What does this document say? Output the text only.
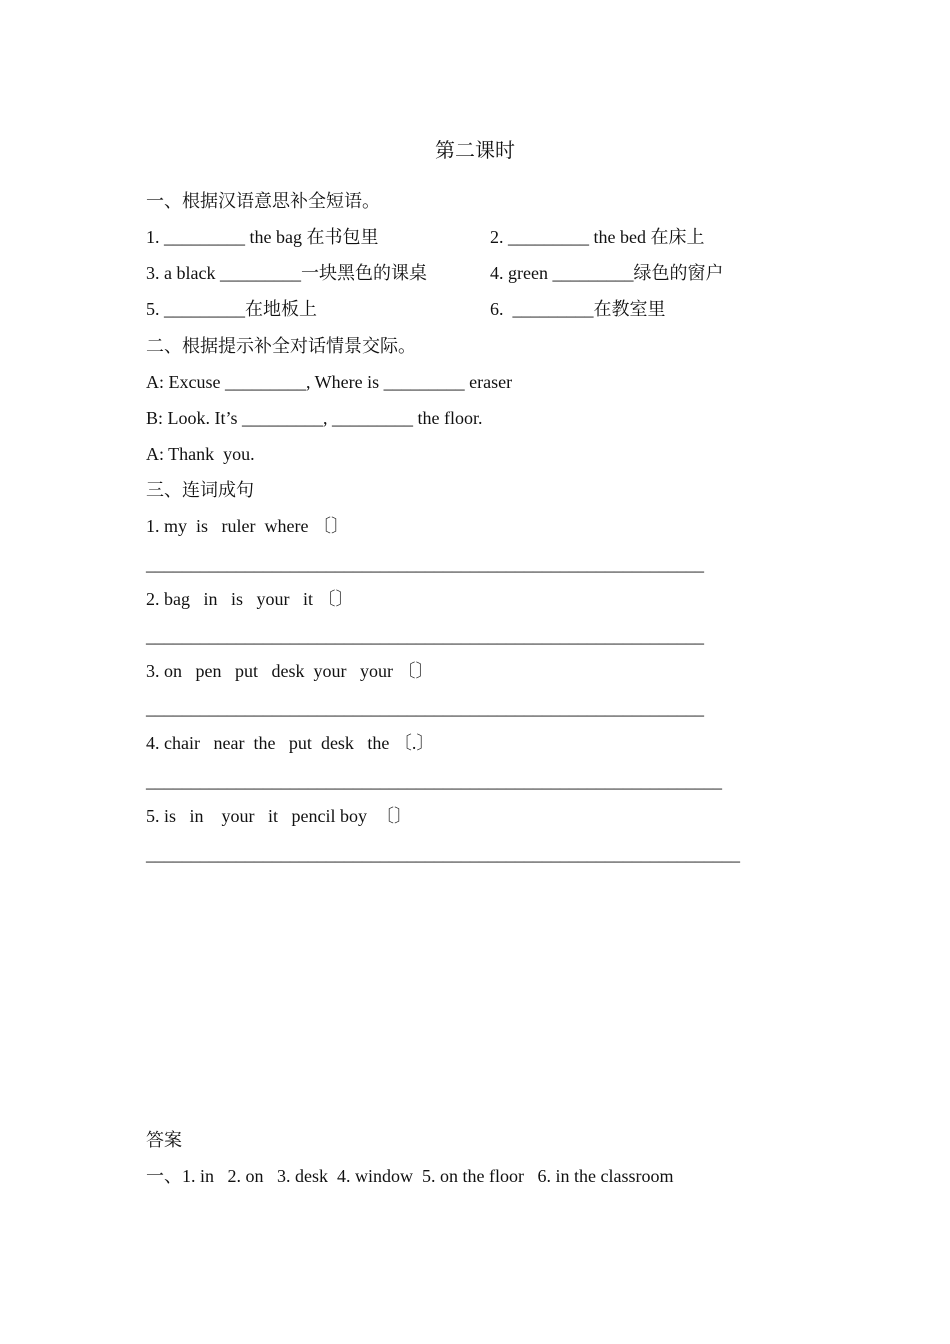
第二课时
一、根据汉语意思补全短语。
1. _________ the bag 在书包里	2. _________ the bed 在床上
3. a black _________一块黑色的课桌	4. green _________绿色的窗户
5. _________在地板上	6.  _________在教室里
二、根据提示补全对话情景交际。
A: Excuse _________, Where is _________ eraser
B: Look. It’s _________, _________ the floor.
A: Thank  you.
三、连词成句
1. my  is   ruler  where 〔〕
______________________________________________________________
2. bag   in   is   your   it 〔〕
______________________________________________________________
3. on   pen   put   desk  your   your 〔〕
______________________________________________________________
4. chair   near  the   put  desk   the 〔.〕
________________________________________________________________
5. is   in    your   it   pencil boy  〔〕
__________________________________________________________________
答案
一、1. in   2. on   3. desk  4. window  5. on the floor   6. in the classroom
